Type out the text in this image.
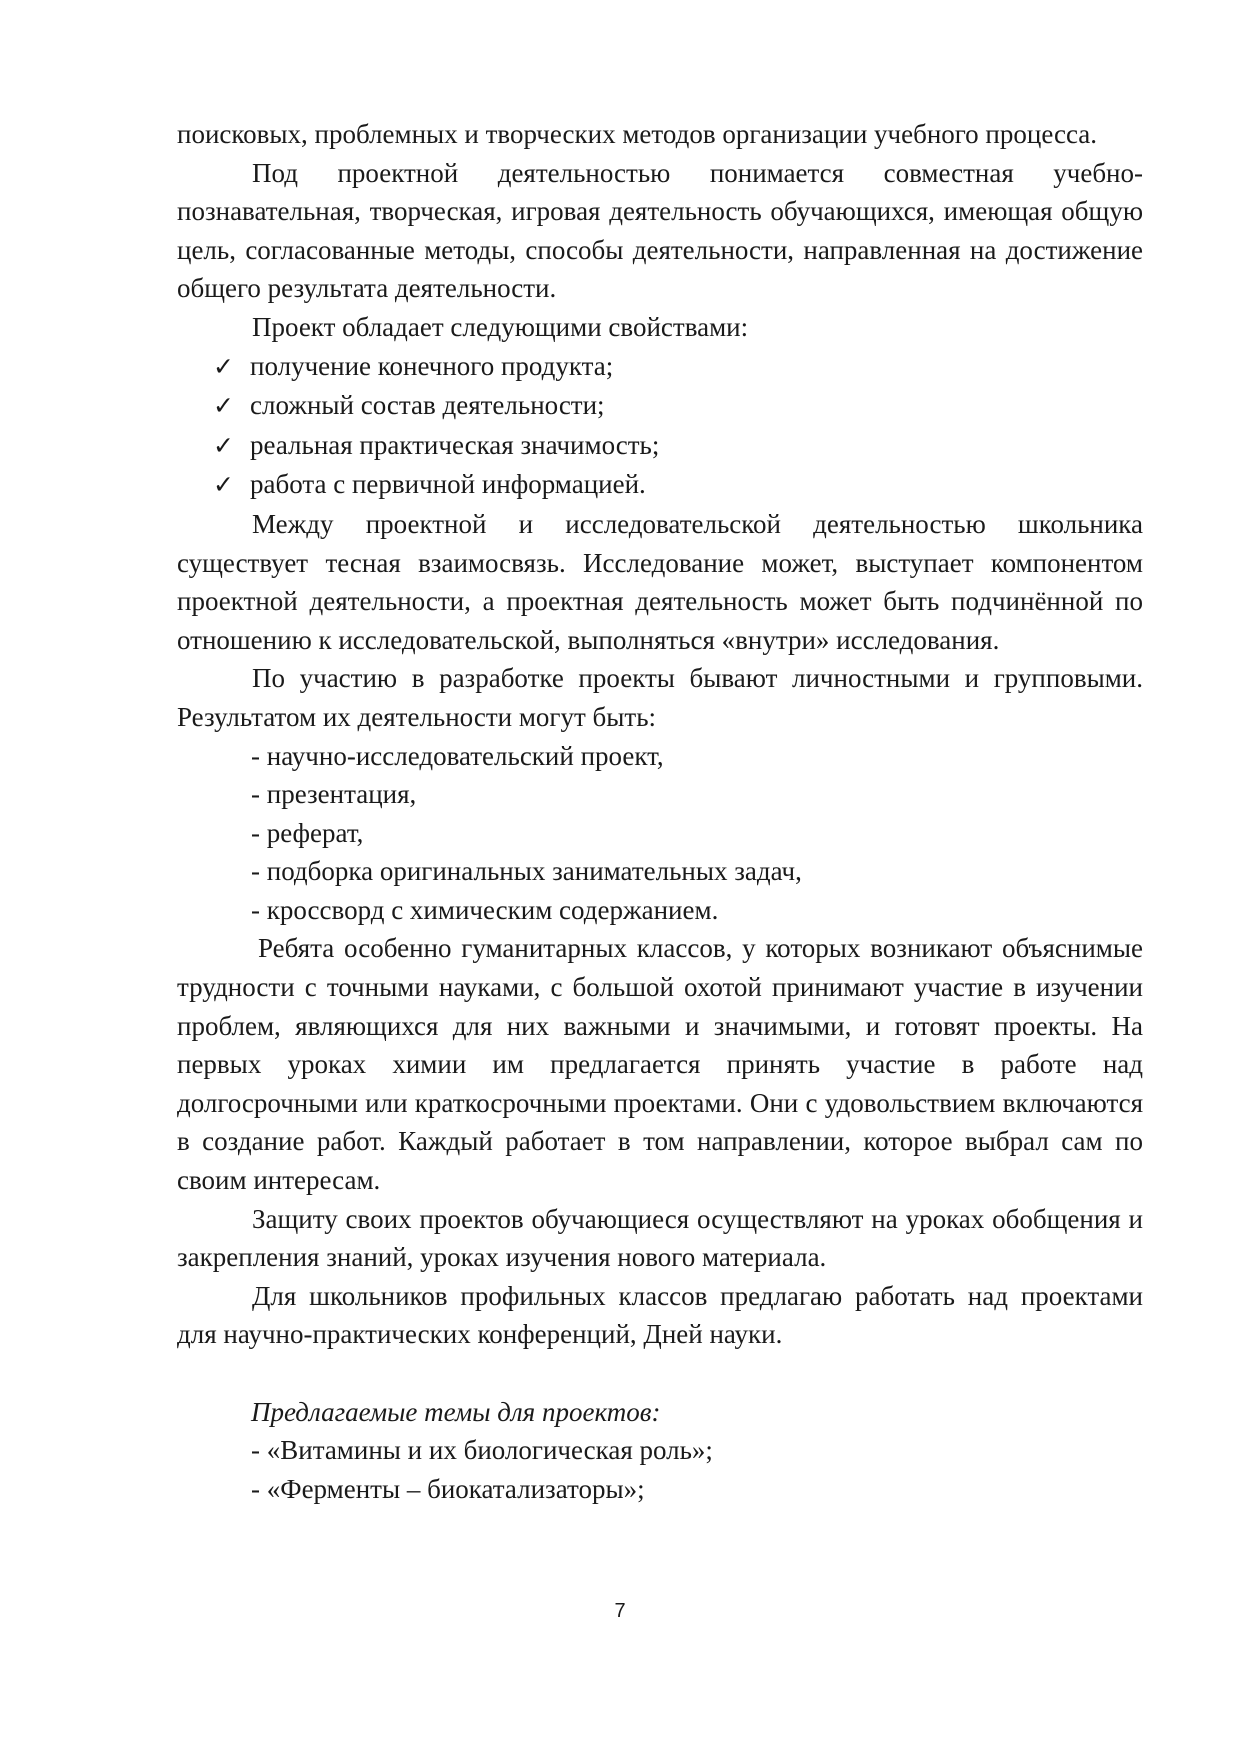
поисковых, проблемных и творческих методов организации учебного процесса.

Под проектной деятельностью понимается совместная учебно-познавательная, творческая, игровая деятельность обучающихся, имеющая общую цель, согласованные методы, способы деятельности, направленная на достижение общего результата деятельности.

Проект обладает следующими свойствами:

✓ получение конечного продукта;
✓ сложный состав деятельности;
✓ реальная практическая значимость;
✓ работа с первичной информацией.

Между проектной и исследовательской деятельностью школьника существует тесная взаимосвязь. Исследование может, выступает компонентом проектной деятельности, а проектная деятельность может быть подчинённой по отношению к исследовательской, выполняться «внутри» исследования.

По участию в разработке проекты бывают личностными и групповыми. Результатом их деятельности могут быть:

- научно-исследовательский проект,
- презентация,
- реферат,
- подборка оригинальных занимательных задач,
- кроссворд с химическим содержанием.

Ребята особенно гуманитарных классов, у которых возникают объяснимые трудности с точными науками, с большой охотой принимают участие в изучении проблем, являющихся для них важными и значимыми, и готовят проекты. На первых уроках химии им предлагается принять участие в работе над долгосрочными или краткосрочными проектами. Они с удовольствием включаются в создание работ. Каждый работает в том направлении, которое выбрал сам по своим интересам.

Защиту своих проектов обучающиеся осуществляют на уроках обобщения и закрепления знаний, уроках изучения нового материала.

Для школьников профильных классов предлагаю работать над проектами для научно-практических конференций, Дней науки.

Предлагаемые темы для проектов:

- «Витамины и их биологическая роль»;
- «Ферменты – биокатализаторы»;
7
